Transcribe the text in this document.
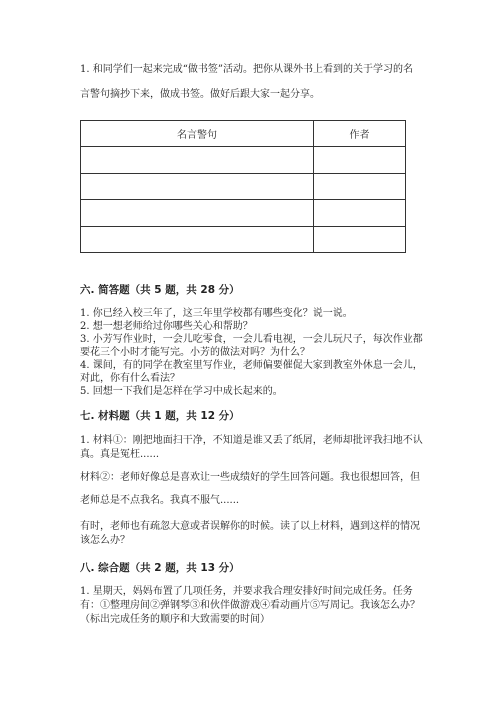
1. 和同学们一起来完成“做书签”活动。把你从课外书上看到的关于学习的名
言警句摘抄下来，做成书签。做好后跟大家一起分享。
名言警句	作者

六. 简答题（共 5 题，共 28 分）
1. 你已经入校三年了，这三年里学校都有哪些变化？说一说。
2. 想一想老师给过你哪些关心和帮助？
3. 小芳写作业时，一会儿吃零食，一会儿看电视，一会儿玩尺子，每次作业都
要花三个小时才能写完。小芳的做法对吗？为什么？
4. 课间，有的同学在教室里写作业，老师偏要催促大家到教室外休息一会儿，
对此，你有什么看法？
5. 回想一下我们是怎样在学习中成长起来的。
七. 材料题（共 1 题，共 12 分）
1. 材料①：刚把地面扫干净，不知道是谁又丢了纸屑，老师却批评我扫地不认
真。真是冤枉......
材料②：老师好像总是喜欢让一些成绩好的学生回答问题。我也很想回答，但
老师总是不点我名。我真不服气......
有时，老师也有疏忽大意或者误解你的时候。读了以上材料，遇到这样的情况
该怎么办？
八. 综合题（共 2 题，共 13 分）
1. 星期天，妈妈布置了几项任务，并要求我合理安排好时间完成任务。任务
有：①整理房间②弹钢琴③和伙伴做游戏④看动画片⑤写周记。我该怎么办？
（标出完成任务的顺序和大致需要的时间）
